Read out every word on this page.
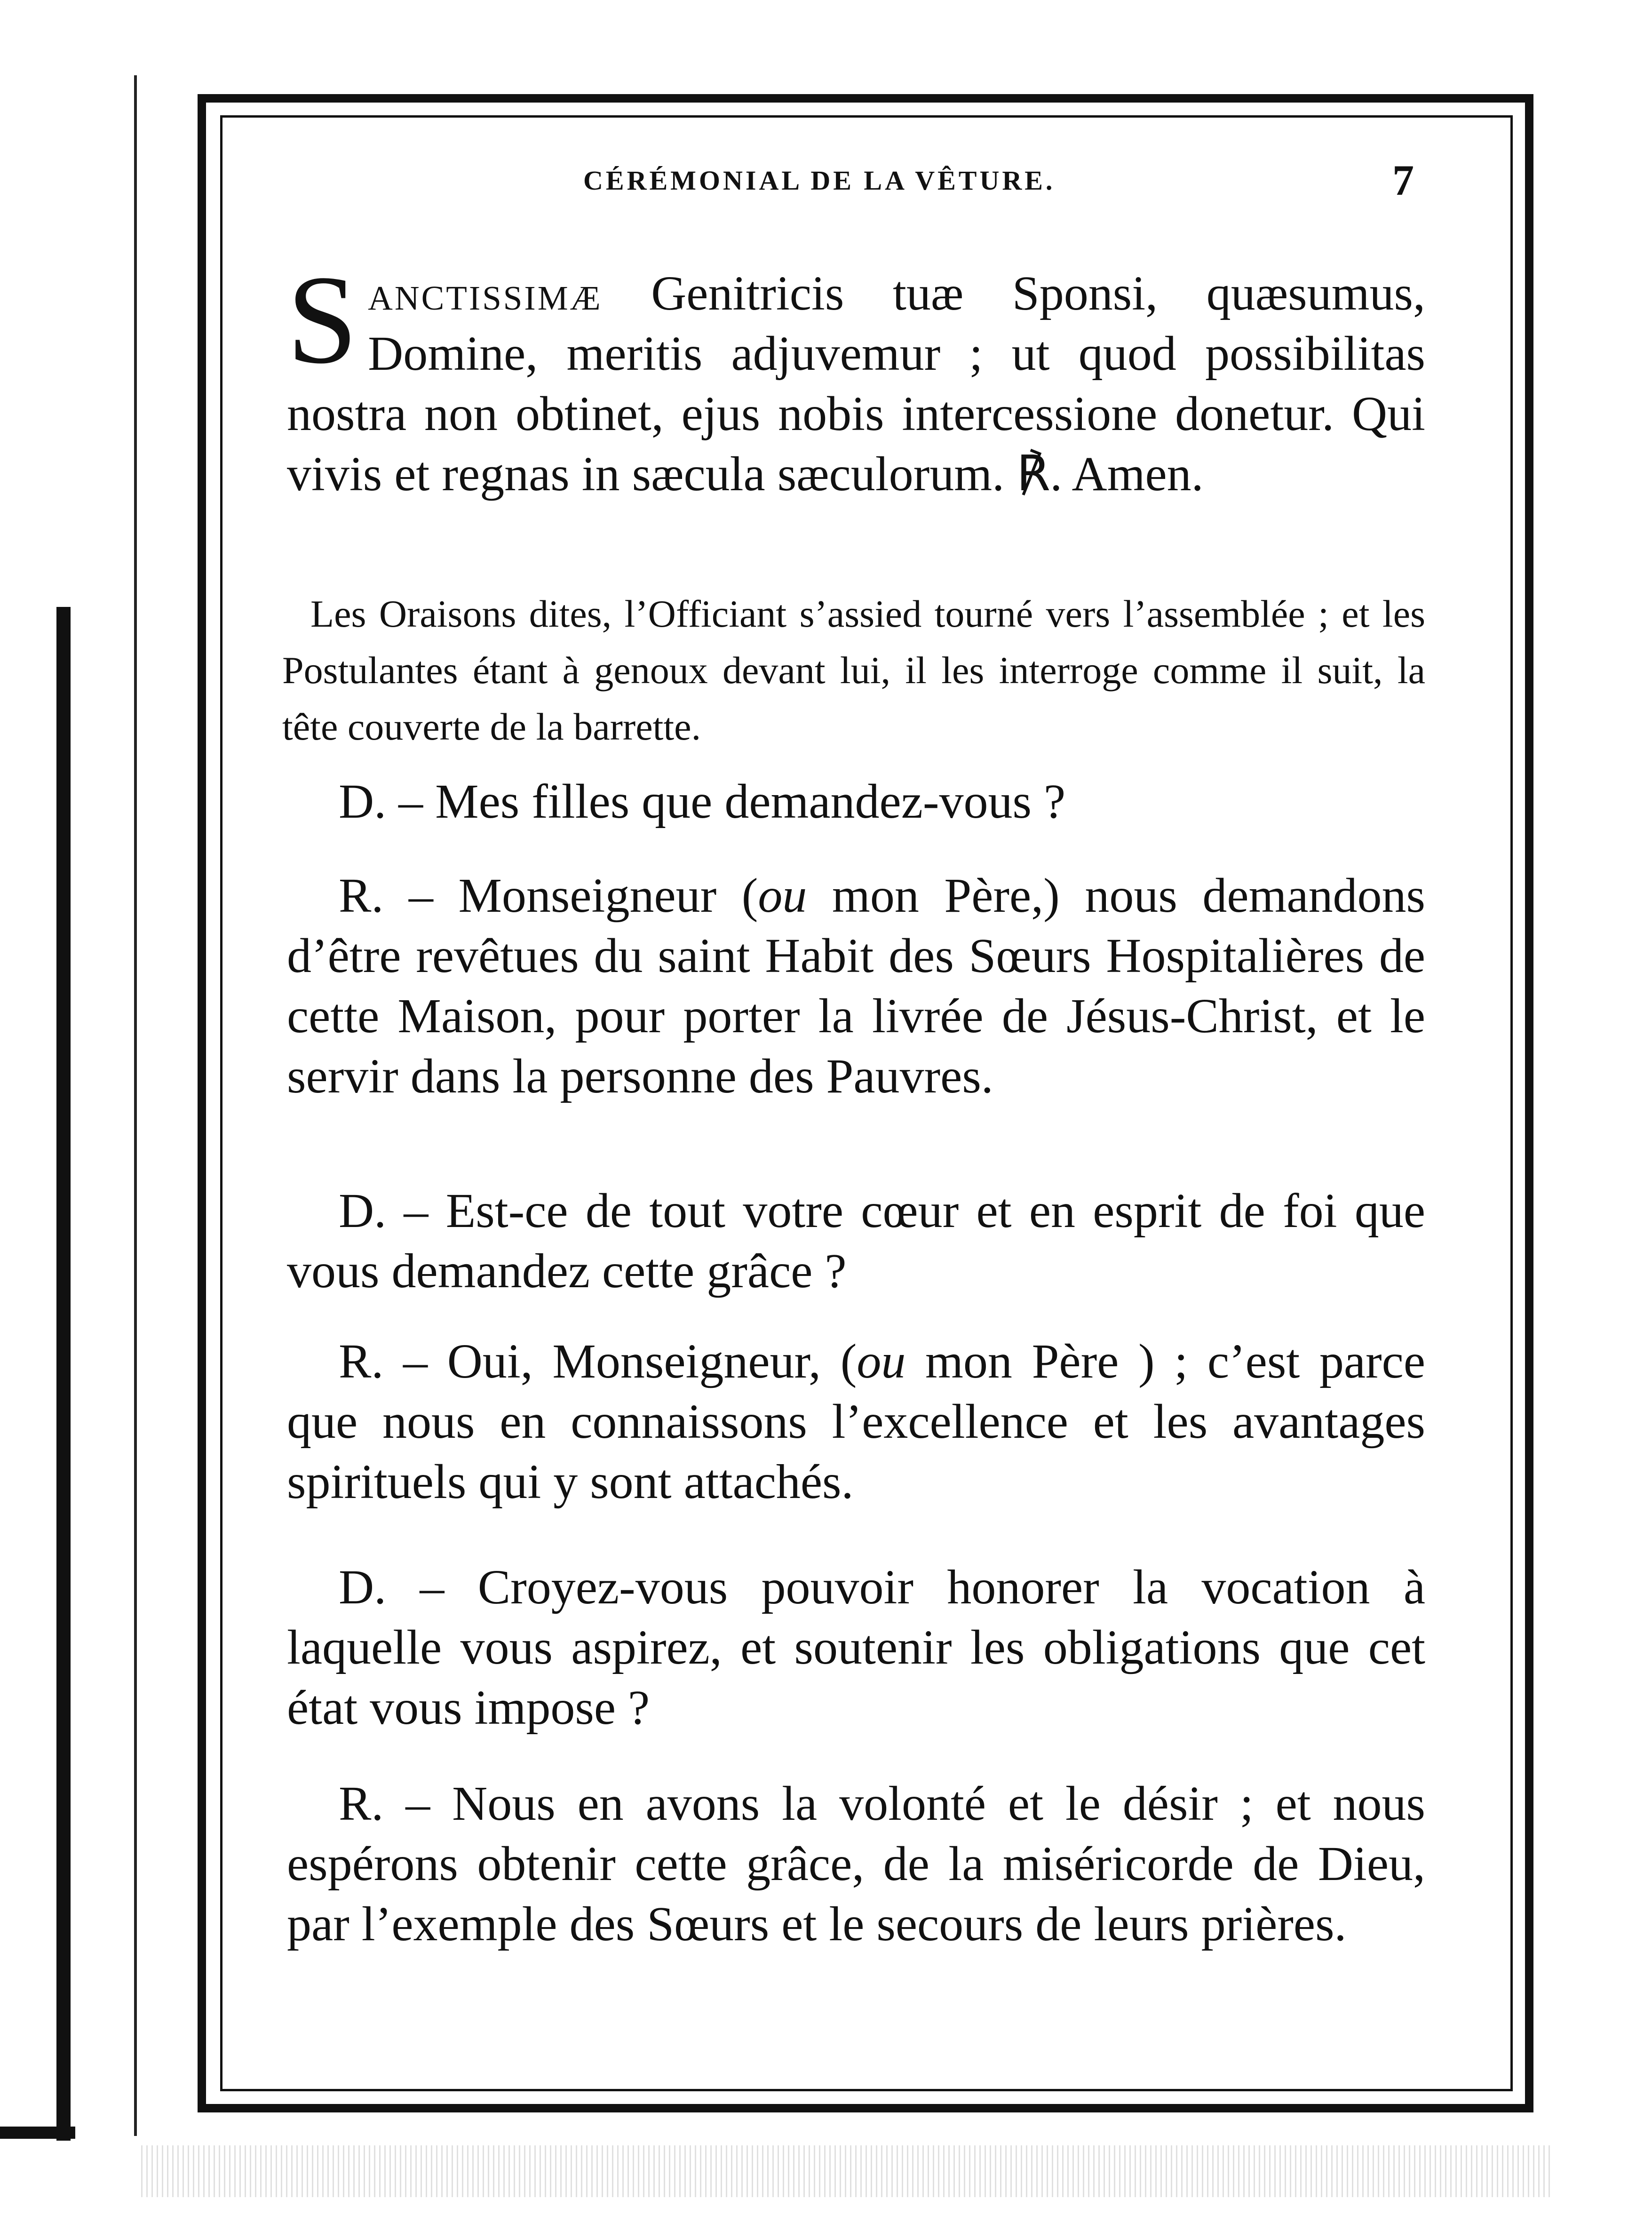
CÉRÉMONIAL DE LA VÊTURE.	7
Sanctissimæ Genitricis tuæ Sponsi, quæsumus, Domine, meritis adjuvemur ; ut quod possibilitas nostra non obtinet, ejus nobis intercessione donetur. Qui vivis et regnas in sæcula sæculorum. ℟. Amen.
Les Oraisons dites, l’Officiant s’assied tourné vers l’assemblée ; et les Postulantes étant à genoux devant lui, il les interroge comme il suit, la tête couverte de la barrette.
D. – Mes filles que demandez-vous ?
R. – Monseigneur (ou mon Père,) nous demandons d’être revêtues du saint Habit des Sœurs Hospitalières de cette Maison, pour porter la livrée de Jésus-Christ, et le servir dans la personne des Pauvres.
D. – Est-ce de tout votre cœur et en esprit de foi que vous demandez cette grâce ?
R. – Oui, Monseigneur, (ou mon Père ) ; c’est parce que nous en connaissons l’excellence et les avantages spirituels qui y sont attachés.
D. – Croyez-vous pouvoir honorer la vocation à laquelle vous aspirez, et soutenir les obligations que cet état vous impose ?
R. – Nous en avons la volonté et le désir ; et nous espérons obtenir cette grâce, de la miséricorde de Dieu, par l’exemple des Sœurs et le secours de leurs prières.
